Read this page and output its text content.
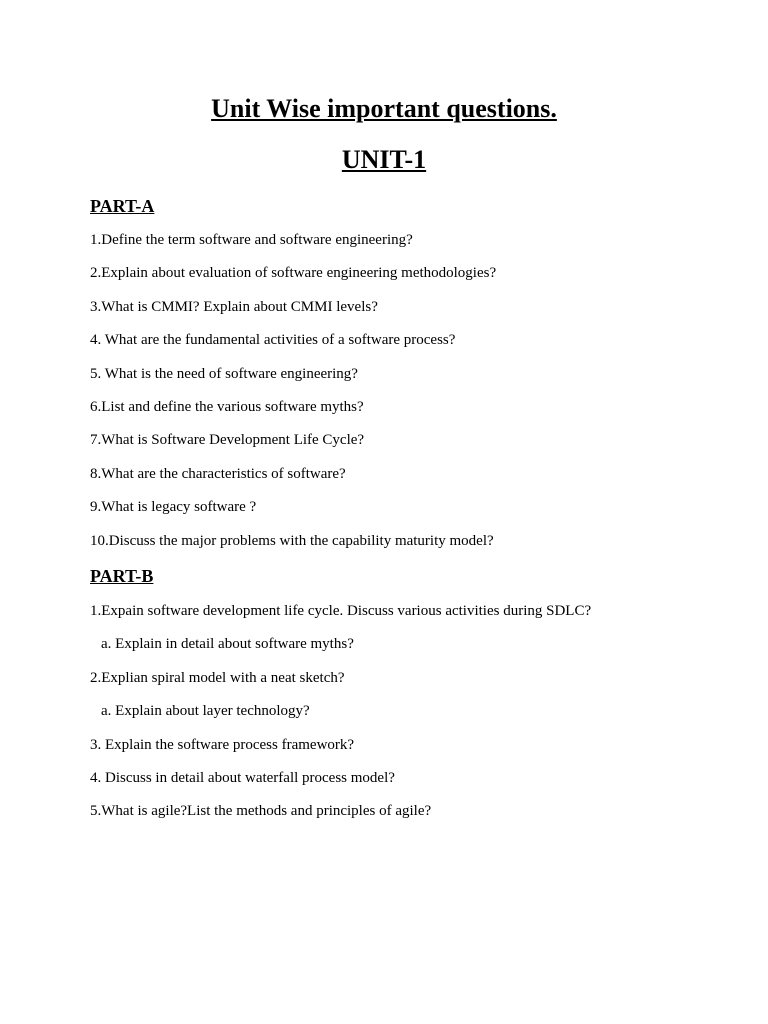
Unit Wise important questions.
UNIT-1
PART-A
1.Define the term software and software engineering?
2.Explain about evaluation of software engineering methodologies?
3.What is CMMI? Explain about CMMI levels?
4. What are the fundamental activities of a software process?
5. What is the need of software engineering?
6.List and define the various software myths?
7.What is Software Development Life Cycle?
8.What are the characteristics of software?
9.What is legacy software ?
10.Discuss the major problems with the capability maturity model?
PART-B
1.Expain software development life cycle. Discuss various activities during SDLC?
a. Explain in detail about software myths?
2.Explian spiral model with a neat sketch?
a. Explain about layer technology?
3. Explain the software process framework?
4. Discuss in detail about waterfall process model?
5.What is agile?List the methods and principles of agile?
